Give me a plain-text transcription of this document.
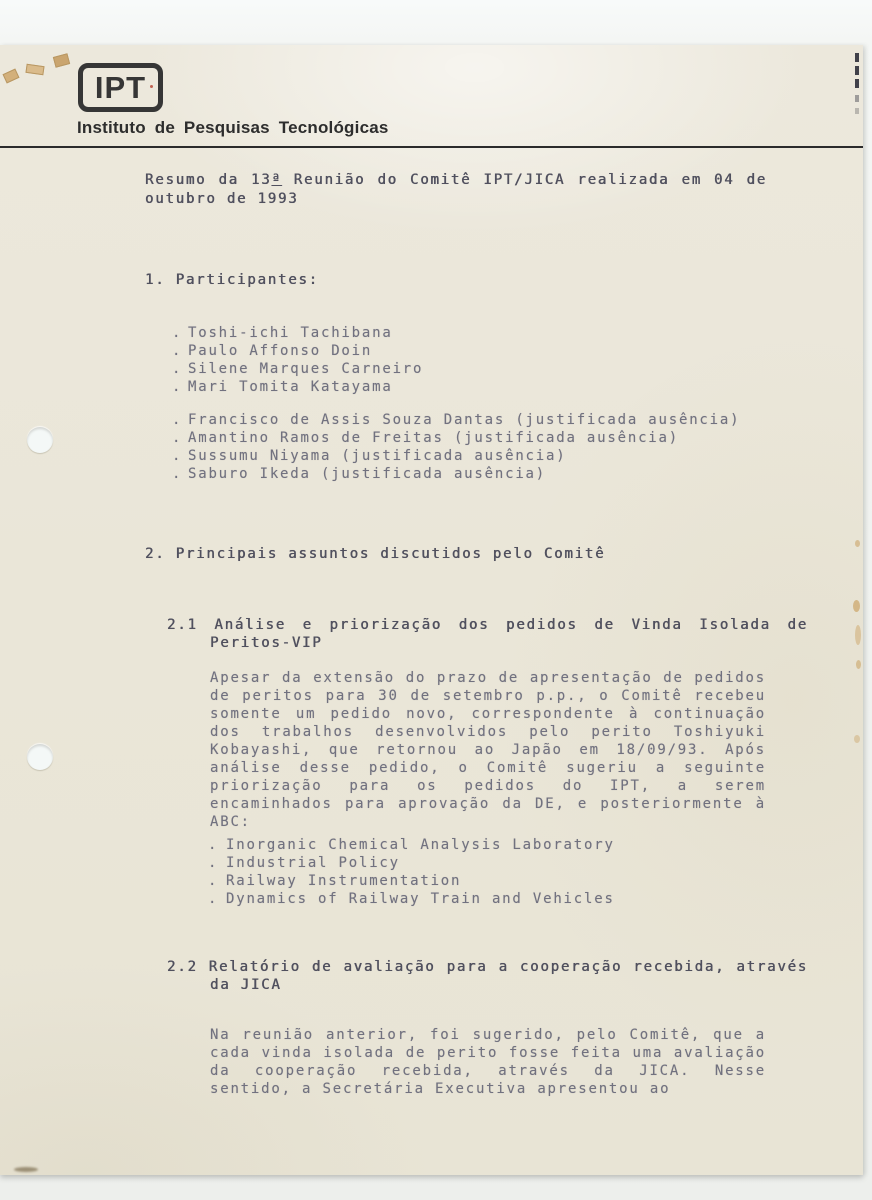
IPT
Instituto de Pesquisas Tecnológicas
Resumo da 13ª Reunião do Comitê IPT/JICA realizada em 04 de outubro de 1993
1. Participantes:
. Toshi-ichi Tachibana
. Paulo Affonso Doin
. Silene Marques Carneiro
. Mari Tomita Katayama
. Francisco de Assis Souza Dantas (justificada ausência)
. Amantino Ramos de Freitas (justificada ausência)
. Sussumu Niyama (justificada ausência)
. Saburo Ikeda (justificada ausência)
2. Principais assuntos discutidos pelo Comitê
2.1 Análise e priorização dos pedidos de Vinda Isolada de Peritos-VIP
Apesar da extensão do prazo de apresentação de pedidos de peritos para 30 de setembro p.p., o Comitê recebeu somente um pedido novo, correspondente à continuação dos trabalhos desenvolvidos pelo perito Toshiyuki Kobayashi, que retornou ao Japão em 18/09/93. Após análise desse pedido, o Comitê sugeriu a seguinte priorização para os pedidos do IPT, a serem encaminhados para aprovação da DE, e posteriormente à ABC:
. Inorganic Chemical Analysis Laboratory
. Industrial Policy
. Railway Instrumentation
. Dynamics of Railway Train and Vehicles
2.2 Relatório de avaliação para a cooperação recebida, através da JICA
Na reunião anterior, foi sugerido, pelo Comitê, que a cada vinda isolada de perito fosse feita uma avaliação da cooperação recebida, através da JICA. Nesse sentido, a Secretária Executiva apresentou ao
